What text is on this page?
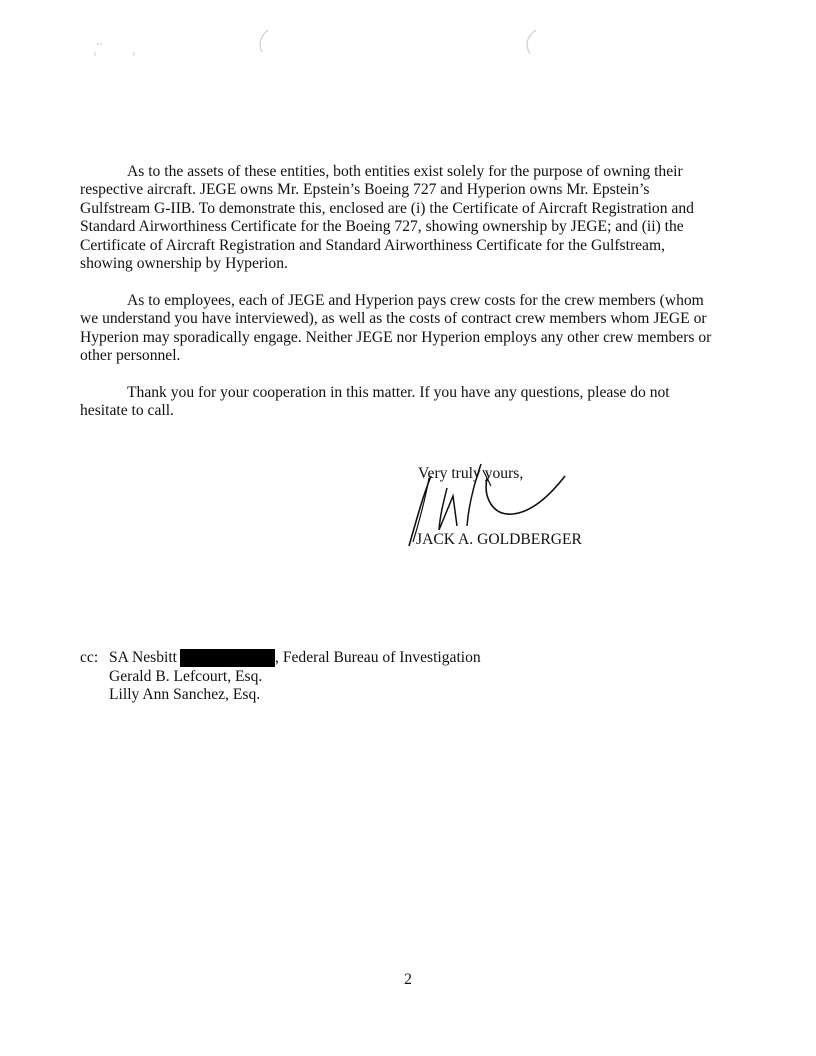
As to the assets of these entities, both entities exist solely for the purpose of owning their respective aircraft. JEGE owns Mr. Epstein’s Boeing 727 and Hyperion owns Mr. Epstein’s Gulfstream G-IIB. To demonstrate this, enclosed are (i) the Certificate of Aircraft Registration and Standard Airworthiness Certificate for the Boeing 727, showing ownership by JEGE; and (ii) the Certificate of Aircraft Registration and Standard Airworthiness Certificate for the Gulfstream, showing ownership by Hyperion.

As to employees, each of JEGE and Hyperion pays crew costs for the crew members (whom we understand you have interviewed), as well as the costs of contract crew members whom JEGE or Hyperion may sporadically engage. Neither JEGE nor Hyperion employs any other crew members or other personnel.

Thank you for your cooperation in this matter. If you have any questions, please do not hesitate to call.

Very truly yours,
JACK A. GOLDBERGER
cc: SA Nesbitt	, Federal Bureau of Investigation
Gerald B. Lefcourt, Esq.
Lilly Ann Sanchez, Esq.
2
